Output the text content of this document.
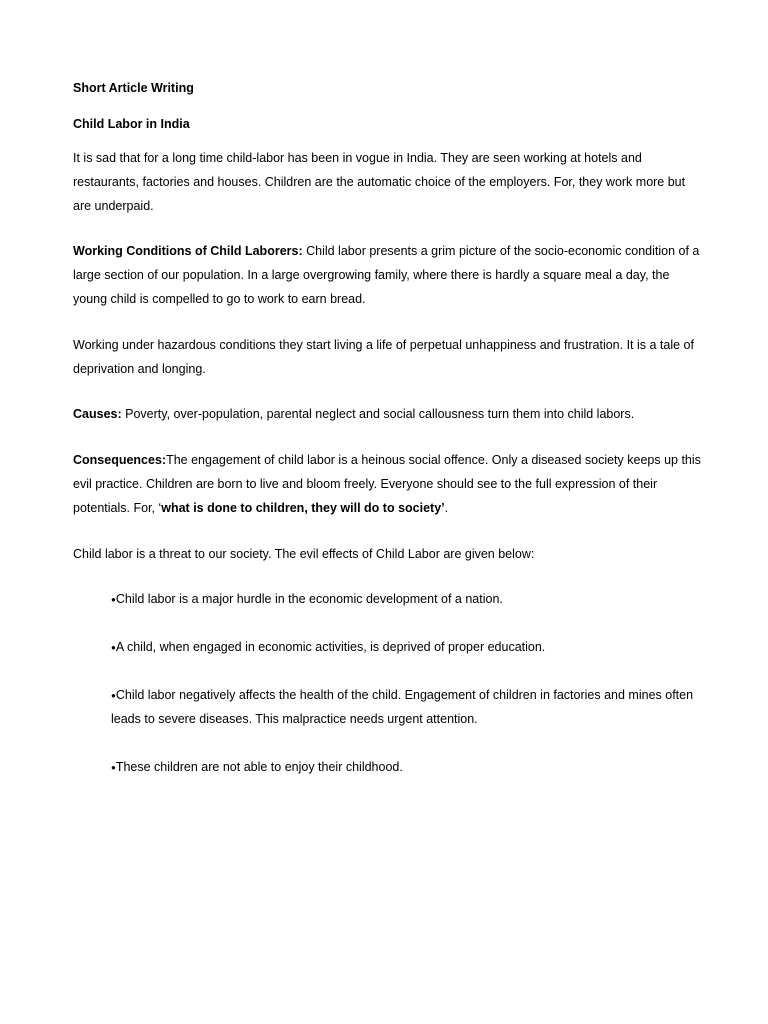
Short Article Writing
Child Labor in India

It is sad that for a long time child-labor has been in vogue in India. They are seen working at hotels and restaurants, factories and houses. Children are the automatic choice of the employers. For, they work more but are underpaid.

Working Conditions of Child Laborers: Child labor presents a grim picture of the socio-economic condition of a large section of our population. In a large overgrowing family, where there is hardly a square meal a day, the young child is compelled to go to work to earn bread.

Working under hazardous conditions they start living a life of perpetual unhappiness and frustration. It is a tale of deprivation and longing.

Causes: Poverty, over-population, parental neglect and social callousness turn them into child labors.

Consequences:The engagement of child labor is a heinous social offence. Only a diseased society keeps up this evil practice. Children are born to live and bloom freely. Everyone should see to the full expression of their potentials. For, ‘what is done to children, they will do to society’.

Child labor is a threat to our society. The evil effects of Child Labor are given below:

●Child labor is a major hurdle in the economic development of a nation.
●A child, when engaged in economic activities, is deprived of proper education.
●Child labor negatively affects the health of the child. Engagement of children in factories and mines often leads to severe diseases. This malpractice needs urgent attention.
●These children are not able to enjoy their childhood.
